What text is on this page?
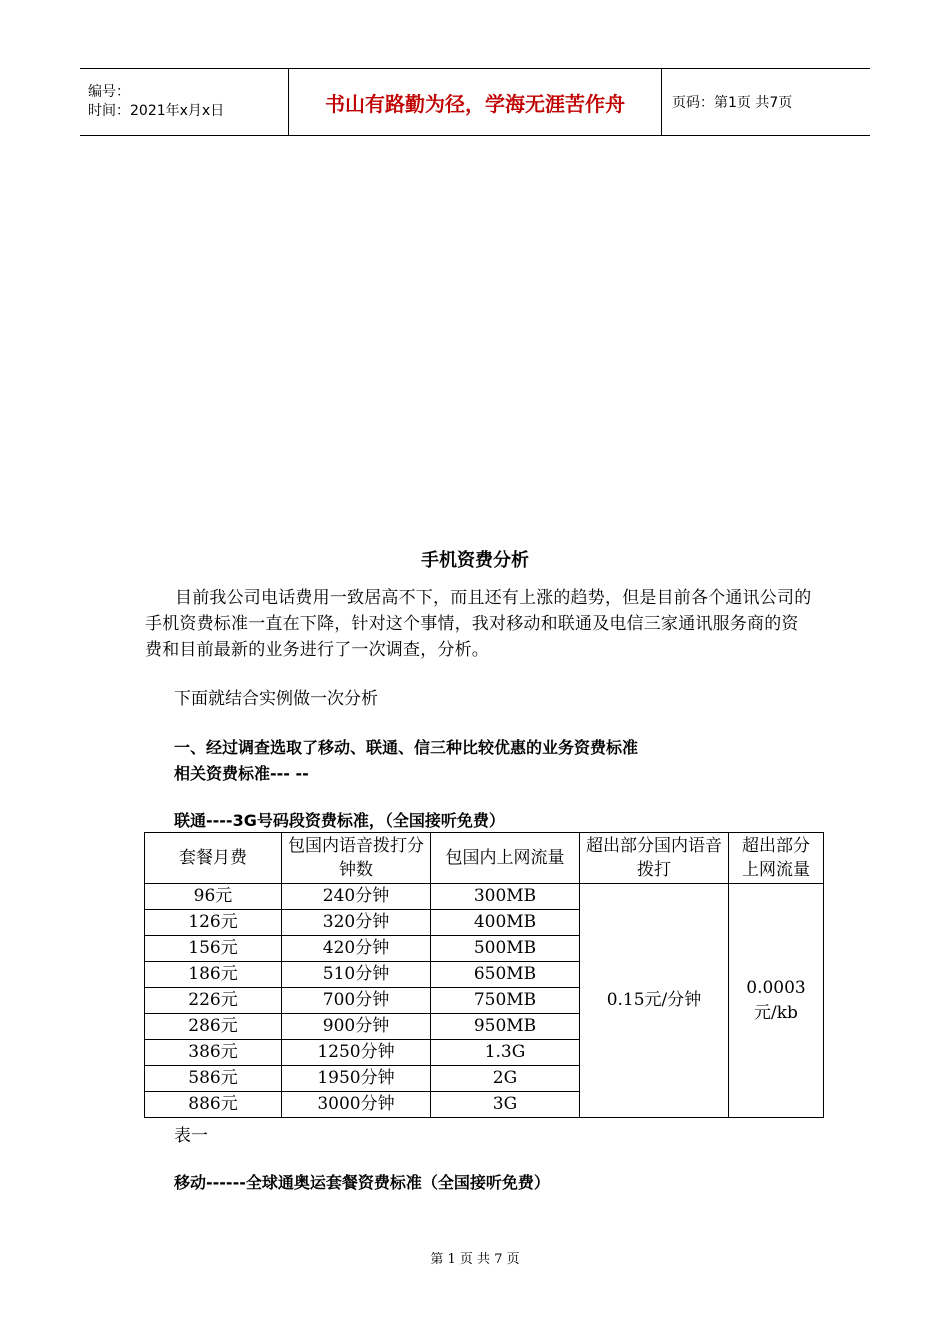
编号：
时间：2021年x月x日	书山有路勤为径，学海无涯苦作舟	页码：第1页 共7页
手机资费分析

目前我公司电话费用一致居高不下，而且还有上涨的趋势，但是目前各个通讯公司的手机资费标准一直在下降，针对这个事情，我对移动和联通及电信三家通讯服务商的资费和目前最新的业务进行了一次调查，分析。

下面就结合实例做一次分析

一、经过调查选取了移动、联通、信三种比较优惠的业务资费标准

相关资费标准--- --

联通----3G号码段资费标准，（全国接听免费）

套餐月费	包国内语音拨打分钟数	包国内上网流量	超出部分国内语音拨打	超出部分上网流量
96元	240分钟	300MB	0.15元/分钟	0.0003元/kb
126元	320分钟	400MB		
156元	420分钟	500MB		
186元	510分钟	650MB		
226元	700分钟	750MB		
286元	900分钟	950MB		
386元	1250分钟	1.3G		
586元	1950分钟	2G		
886元	3000分钟	3G		

表一

移动------全球通奥运套餐资费标准（全国接听免费）

第 1 页 共 7 页
